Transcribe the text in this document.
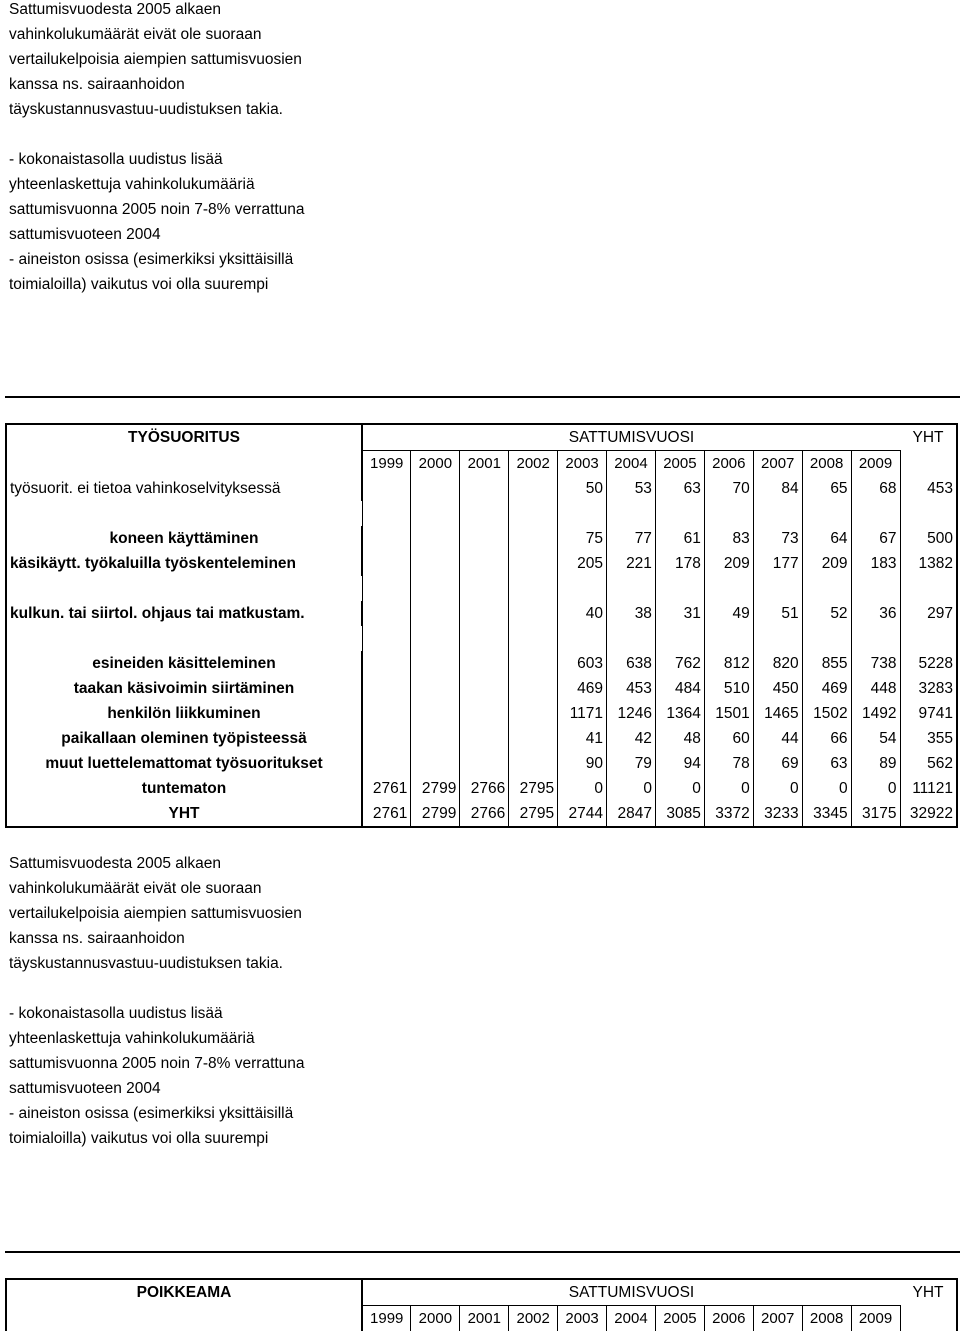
Sattumisvuodesta 2005 alkaen

vahinkolukumäärät eivät ole suoraan

vertailukelpoisia aiempien sattumisvuosien

kanssa ns. sairaanhoidon

täyskustannusvastuu-uudistuksen takia.

- kokonaistasolla uudistus lisää

yhteenlaskettuja vahinkolukumääriä

sattumisvuonna 2005 noin 7-8% verrattuna

sattumisvuoteen 2004

- aineiston osissa (esimerkiksi yksittäisillä

toimialoilla) vaikutus voi olla suurempi

TYÖSUORITUS	SATTUMISVUOSI											YHT
	1999	2000	2001	2002	2003	2004	2005	2006	2007	2008	2009	
työsuorit. ei tietoa vahinkoselvityksessä					50	53	63	70	84	65	68	453

koneen käyttäminen					75	77	61	83	73	64	67	500
käsikäytt. työkaluilla työskenteleminen					205	221	178	209	177	209	183	1382

kulkun. tai siirtol. ohjaus tai matkustam.					40	38	31	49	51	52	36	297

esineiden käsitteleminen					603	638	762	812	820	855	738	5228
taakan käsivoimin siirtäminen					469	453	484	510	450	469	448	3283
henkilön liikkuminen					1171	1246	1364	1501	1465	1502	1492	9741
paikallaan oleminen työpisteessä					41	42	48	60	44	66	54	355
muut luettelemattomat työsuoritukset					90	79	94	78	69	63	89	562
tuntematon	2761	2799	2766	2795	0	0	0	0	0	0	0	11121
YHT	2761	2799	2766	2795	2744	2847	3085	3372	3233	3345	3175	32922

Sattumisvuodesta 2005 alkaen

vahinkolukumäärät eivät ole suoraan

vertailukelpoisia aiempien sattumisvuosien

kanssa ns. sairaanhoidon

täyskustannusvastuu-uudistuksen takia.

- kokonaistasolla uudistus lisää

yhteenlaskettuja vahinkolukumääriä

sattumisvuonna 2005 noin 7-8% verrattuna

sattumisvuoteen 2004

- aineiston osissa (esimerkiksi yksittäisillä

toimialoilla) vaikutus voi olla suurempi

POIKKEAMA	SATTUMISVUOSI											YHT
	1999	2000	2001	2002	2003	2004	2005	2006	2007	2008	2009	
